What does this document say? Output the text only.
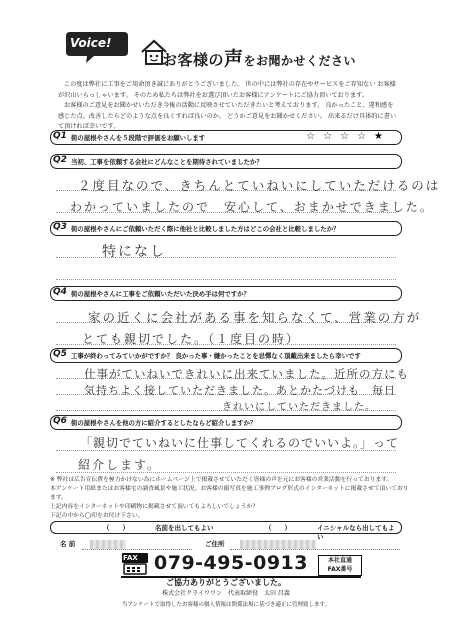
Voice!
お客様の声をお聞かせください

この度は弊社に工事をご用命頂き誠にありがとうございました。 世の中には弊社の存在やサービスをご存知ない お客様が沢山いらっしゃいます。 そのため私たちは弊社をお選び頂いたお客様にアンケートにご協力頂いております。

お客様のご意見をお聞かせいただき今後の活動に反映させていただきたいと考えております。 良かったこと、違和感を感じた点、改善したらどのような点を良くすれば良いのか、 どうかご意見をお聞かせください。 出来るだけ具体的に書いて頂ければ幸いです。

Q1 街の屋根やさんを５段階で評価をお願いします	☆☆☆☆★
Q2 当初、工事を依頼する会社にどんなことを期待されていましたか？
２度目なので、きちんとていねいにしていただけるのは
わかっていましたので　安心して、おまかせできました。
Q3 街の屋根やさんにご依頼いただく際に他社と比較しました方はどこの会社と比較しましたか？
特になし
Q4 街の屋根やさんに工事をご依頼いただいた決め手は何ですか？
家の近くに会社がある事を知らなくて、営業の方が
とても親切でした。（１度目の時）
Q5 工事が終わってみていかがですか？ 良かった事・嫌かったことを忌憚なく頂戴出来ましたら幸いです
仕事がていねいできれいに出来ていました。近所の方にも
気持ちよく接していただきました。あとかたづけも　毎日
きれいにしていただきました。
Q6 街の屋根やさんを他の方に紹介するとしたならど紹介しますか？
「親切でていねいに仕事してくれるのでいいよ。」って
紹介します。
※ 弊社は広告宣伝費を極力かけない為にホームページ上で掲載させていただく皆様の声を元にお客様の営業活動を行っております。
本アンケート用紙またはお客様宅の調査風景や施工状況、お客様の顔写真を施工事例ブログ形式のインターネットに掲載させて頂いております。
上記内容をインターネットや印刷物に掲載させて頂いてもよろしいでしょうか？
下記の中から◯印をお付け下さい。
（　　）	名前を出してもよい	（　　）	イニシャルなら出してもよい
名 前	ご住所
FAX 079-495-0913	本社直通
FAX番号
ご協力ありがとうございました。
株式会社クライワワン　代表取締役　太田 昌義
当アンケートで取得したお客様の個人情報は関係法規に基づき適正に管理致します。
